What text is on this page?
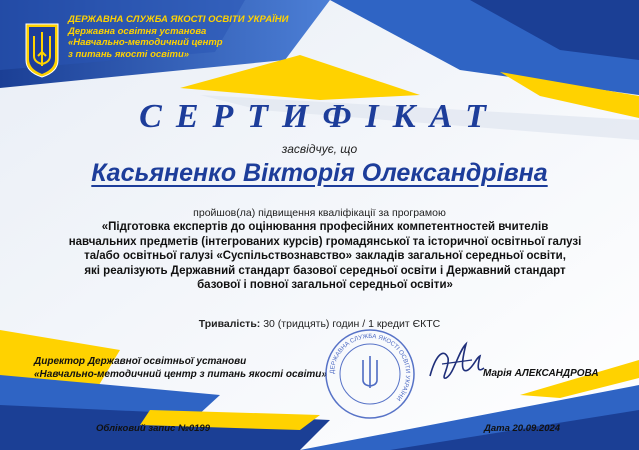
ДЕРЖАВНА СЛУЖБА ЯКОСТІ ОСВІТИ УКРАЇНИ
Державна освітня установа
«Навчально-методичний центр
з питань якості освіти»
СЕРТИФІКАТ
засвідчує, що
Касьяненко Вікторія Олександрівна
пройшов(ла) підвищення кваліфікації за програмою
«Підготовка експертів до оцінювання професійних компетентностей вчителів
навчальних предметів (інтегрованих курсів) громадянської та історичної освітньої галузі
та/або освітньої галузі «Суспільствознавство» закладів загальної середньої освіти,
які реалізують Державний стандарт базової середньої освіти і Державний стандарт
базової і повної загальної середньої освіти»
Тривалість: 30 (тридцять) годин / 1 кредит ЄКТС
Директор Державної освітньої установи
«Навчально-методичний центр з питань якості освіти» ДЕРЖАВНА СЛУЖБА ЯКОСТІ ОСВІТИ УКРАЇНИ
Марія АЛЕКСАНДРОВА
Обліковий запис №0199	Дата 20.09.2024
